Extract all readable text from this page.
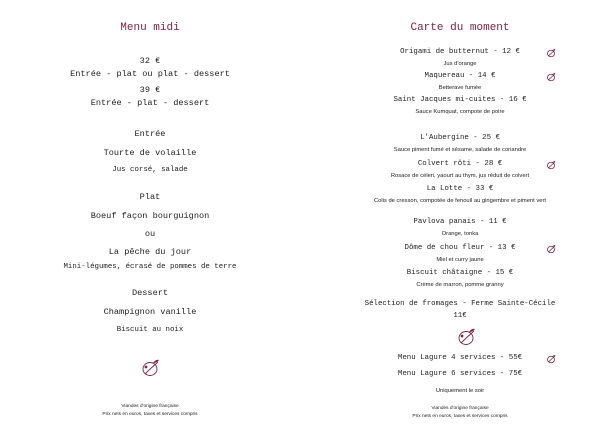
Menu midi
32 €
Entrée - plat ou plat - dessert
39 €
Entrée - plat - dessert
Entrée
Tourte de volaille
Jus corsé, salade
Plat
Boeuf façon bourguignon
ou
La pêche du jour
Mini-légumes, écrasé de pommes de terre
Dessert
Champignon vanille
Biscuit au noix
Viandes d'origine française
Prix nets en euros, taxes et services compris
Carte du moment
Origami de butternut - 12 €
Jus d'orange
Maquereau - 14 €
Betterave fumée
Saint Jacques mi-cuites - 16 €
Sauce Kumquat, compote de poire
L'Aubergine - 25 €
Sauce piment fumé et sésame, salade de coriandre
Colvert rôti - 28 €
Rosace de céleri, yaourt au thym, jus réduit de colvert
La Lotte - 33 €
Colis de cresson, compotée de fenouil au gingembre et piment vert
Pavlova panais - 11 €
Orange, tonka
Dôme de chou fleur - 13 €
Miel et curry jaune
Biscuit châtaigne - 15 €
Crème de marron, pomme granny
Sélection de fromages - Ferme Sainte-Cécile
11€
Menu Lagure 4 services - 55€
Menu Lagure 6 services - 75€
Uniquement le soir
Viandes d'origine française
Prix nets en euros, taxes et services compris
